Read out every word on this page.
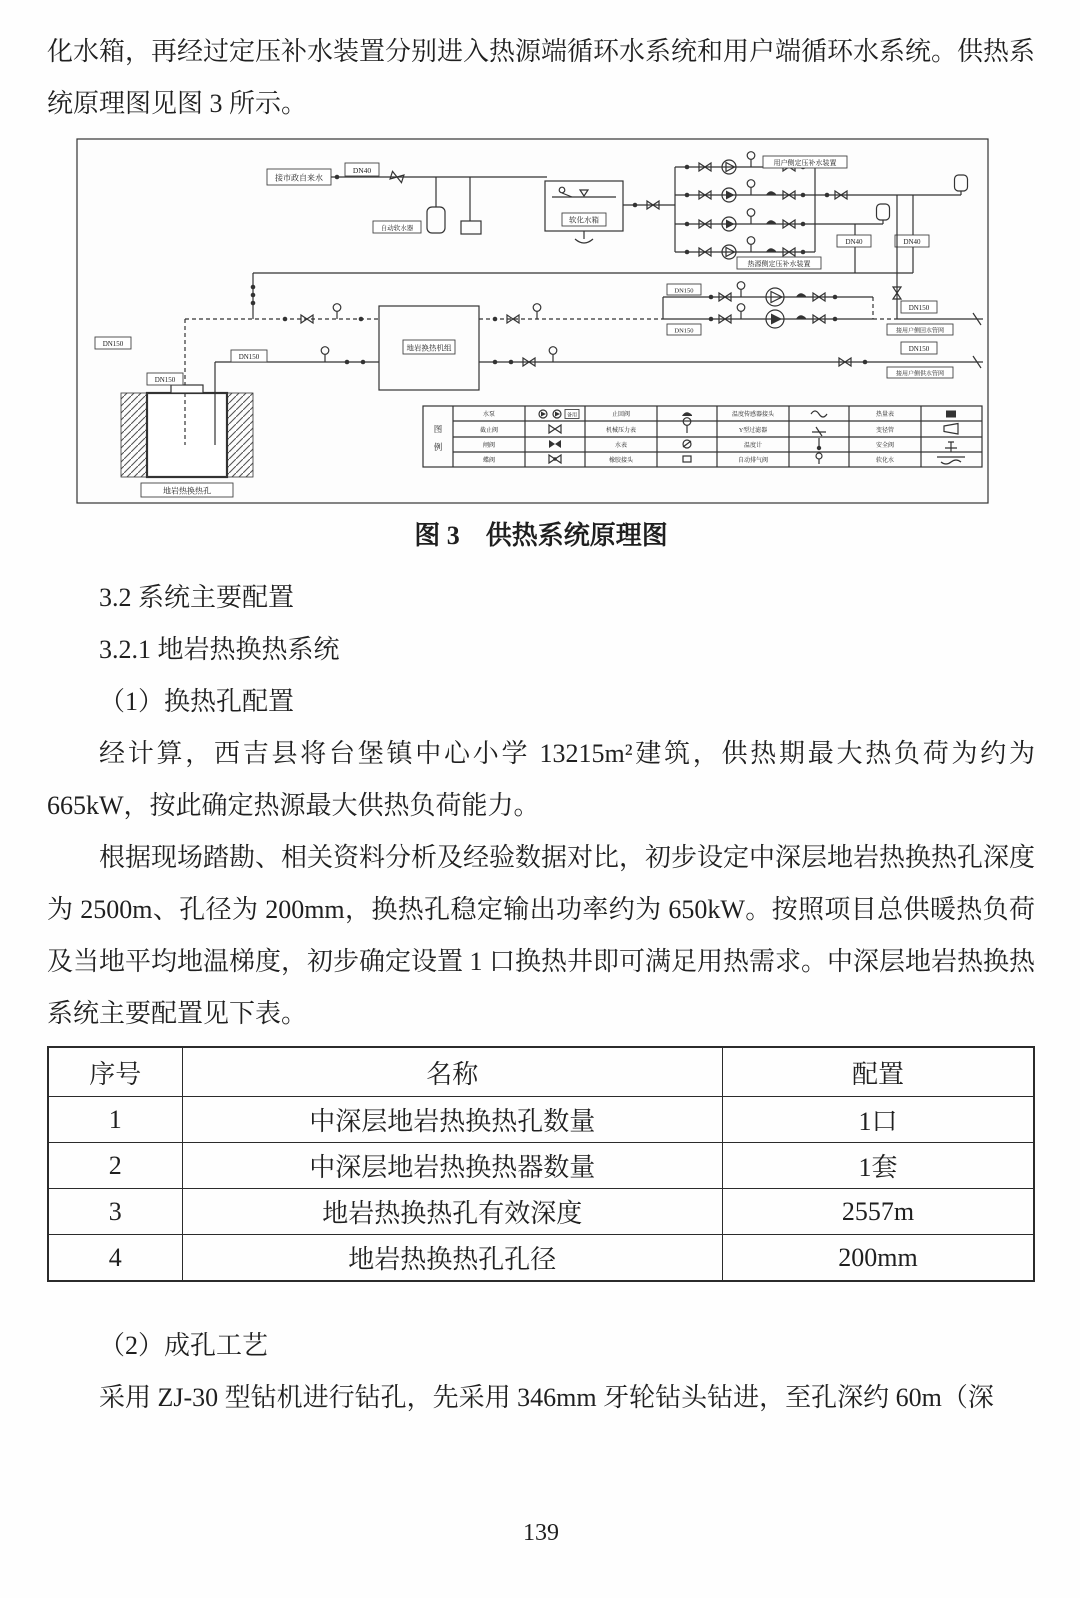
化水箱，再经过定压补水装置分别进入热源端循环水系统和用户端循环水系统。供热系统原理图见图 3 所示。

接市政自来水
DN40
自动软水器
软化水箱
用户侧定压补水装置
热源侧定压补水装置
DN40	DN40
地岩换热机组
DN150
DN150
DN150
接用户侧回水管网
DN150
DN150
接用户侧供水管网
地岩热换热孔
DN150
DN150
图
例
水泵	止回阀	温度传感器接头	热量表
截止阀	机械压力表	Y型过滤器	变径管
闸阀	水表	温度计	安全阀
蝶阀	橡胶接头	自动排气阀	软化水
备用

图 3　供热系统原理图

3.2 系统主要配置

3.2.1 地岩热换热系统

（1）换热孔配置

经计算，西吉县将台堡镇中心小学 13215m²建筑，供热期最大热负荷为约为 665kW，按此确定热源最大供热负荷能力。

根据现场踏勘、相关资料分析及经验数据对比，初步设定中深层地岩热换热孔深度为 2500m、孔径为 200mm，换热孔稳定输出功率约为 650kW。按照项目总供暖热负荷及当地平均地温梯度，初步确定设置 1 口换热井即可满足用热需求。中深层地岩热换热系统主要配置见下表。

序号	名称	配置
1	中深层地岩热换热孔数量	1口
2	中深层地岩热换热器数量	1套
3	地岩热换热孔有效深度	2557m
4	地岩热换热孔孔径	200mm

（2）成孔工艺

采用 ZJ-30 型钻机进行钻孔，先采用 346mm 牙轮钻头钻进，至孔深约 60m（深

139
